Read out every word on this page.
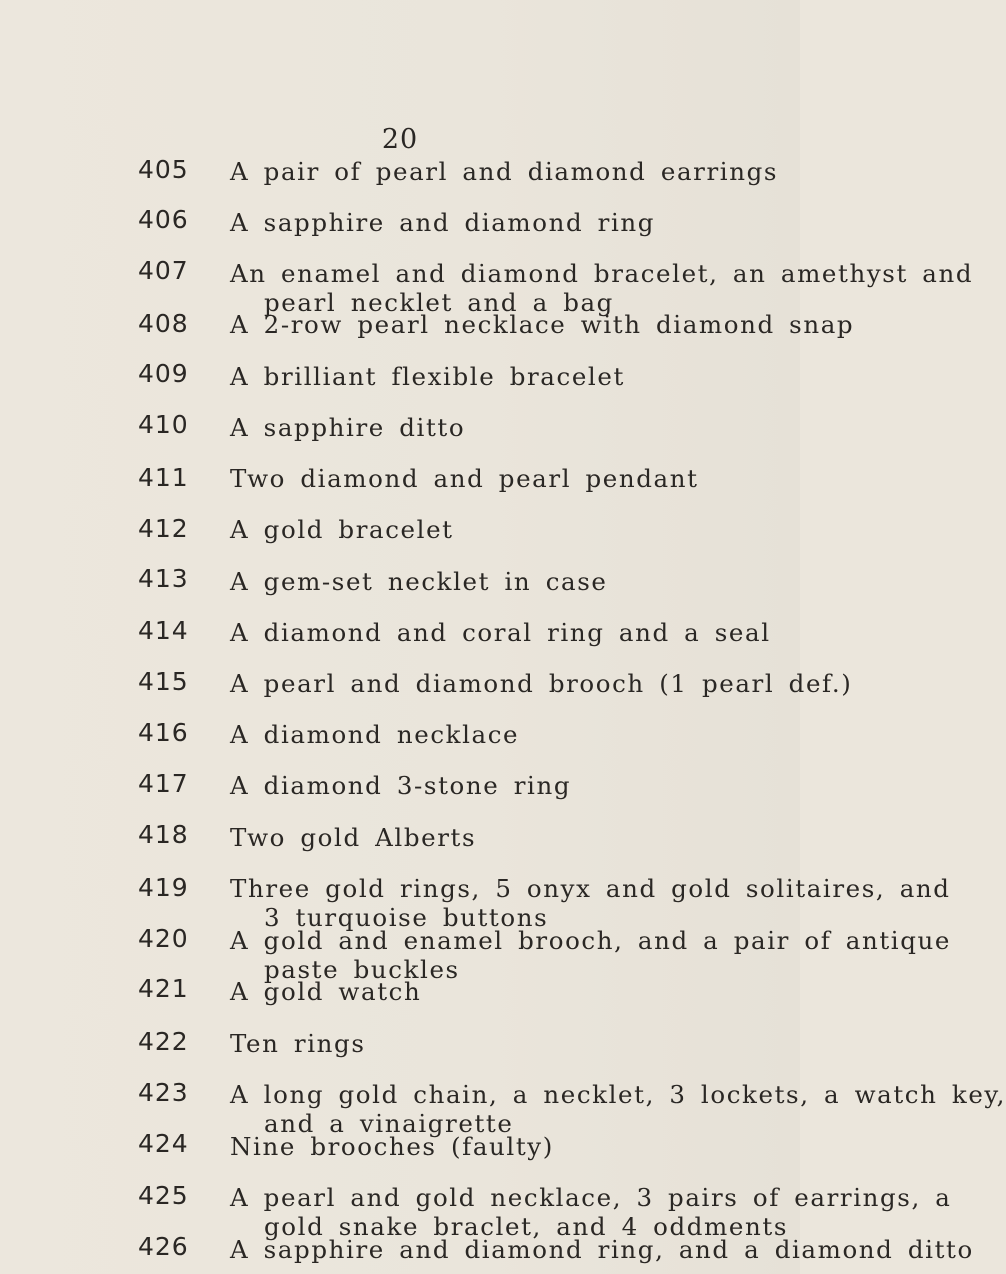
20
405 A pair of pearl and diamond earrings
406 A sapphire and diamond ring
407 An enamel and diamond bracelet, an amethyst and
pearl necklet and a bag
408 A 2-row pearl necklace with diamond snap
409 A brilliant flexible bracelet
410 A sapphire ditto
411 Two diamond and pearl pendant
412 A gold bracelet
413 A gem-set necklet in case
414 A diamond and coral ring and a seal
415 A pearl and diamond brooch (1 pearl def.)
416 A diamond necklace
417 A diamond 3-stone ring
418 Two gold Alberts
419 Three gold rings, 5 onyx and gold solitaires, and
3 turquoise buttons
420 A gold and enamel brooch, and a pair of antique
paste buckles
421 A gold watch
422 Ten rings
423 A long gold chain, a necklet, 3 lockets, a watch key,
and a vinaigrette
424 Nine brooches (faulty)
425 A pearl and gold necklace, 3 pairs of earrings, a
gold snake braclet, and 4 oddments
426 A sapphire and diamond ring, and a diamond ditto
